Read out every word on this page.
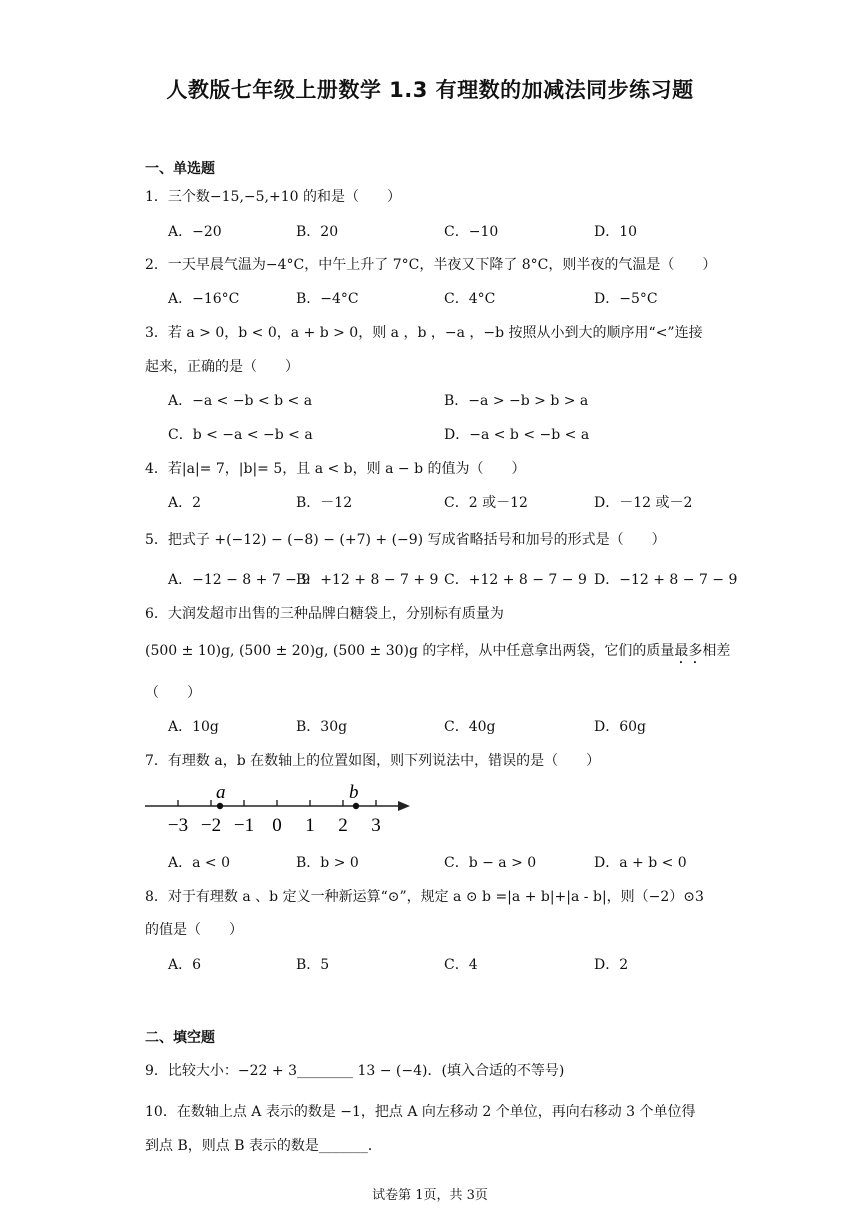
人教版七年级上册数学 1.3 有理数的加减法同步练习题
一、单选题
1．三个数−15,−5,+10 的和是（　　）
A．−20	B．20	C．−10	D．10
2．一天早晨气温为−4°C，中午上升了 7°C，半夜又下降了 8°C，则半夜的气温是（　　）
A．−16°C	B．−4°C	C．4°C	D．−5°C
3．若 a > 0，b < 0，a + b > 0，则 a ，b ，−a ，−b 按照从小到大的顺序用“<”连接
起来，正确的是（　　）
A．−a < −b < b < a	B．−a > −b > b > a
C．b < −a < −b < a	D．−a < b < −b < a
4．若|a|= 7，|b|= 5，且 a < b，则 a − b 的值为（　　）
A．2	B．－12	C．2 或－12	D．－12 或－2
5．把式子 +(−12) − (−8) − (+7) + (−9) 写成省略括号和加号的形式是（　　）
A．−12 − 8 + 7 − 9
B．+12 + 8 − 7 + 9 C．+12 + 8 − 7 − 9 D．−12 + 8 − 7 − 9
6．大润发超市出售的三种品牌白糖袋上，分别标有质量为
(500 ± 10)g, (500 ± 20)g, (500 ± 30)g 的字样，从中任意拿出两袋，它们的质量最多相差
（　　）
A．10g	B．30g	C．40g	D．60g
7．有理数 a，b 在数轴上的位置如图，则下列说法中，错误的是（　　）
−3 −2 −1 0 1 2 3
a	b
A．a < 0	B．b > 0	C．b − a > 0	D．a + b < 0
8．对于有理数 a 、b 定义一种新运算“⊙”，规定 a ⊙ b =|a + b|+|a - b|，则（−2）⊙3
的值是（　　）
A．6	B．5	C．4	D．2
二、填空题
9．比较大小：−22 + 3________ 13 − (−4)．(填入合适的不等号)
10．在数轴上点 A 表示的数是 −1，把点 A 向左移动 2 个单位，再向右移动 3 个单位得
到点 B，则点 B 表示的数是_______．
试卷第 1页，共 3页
